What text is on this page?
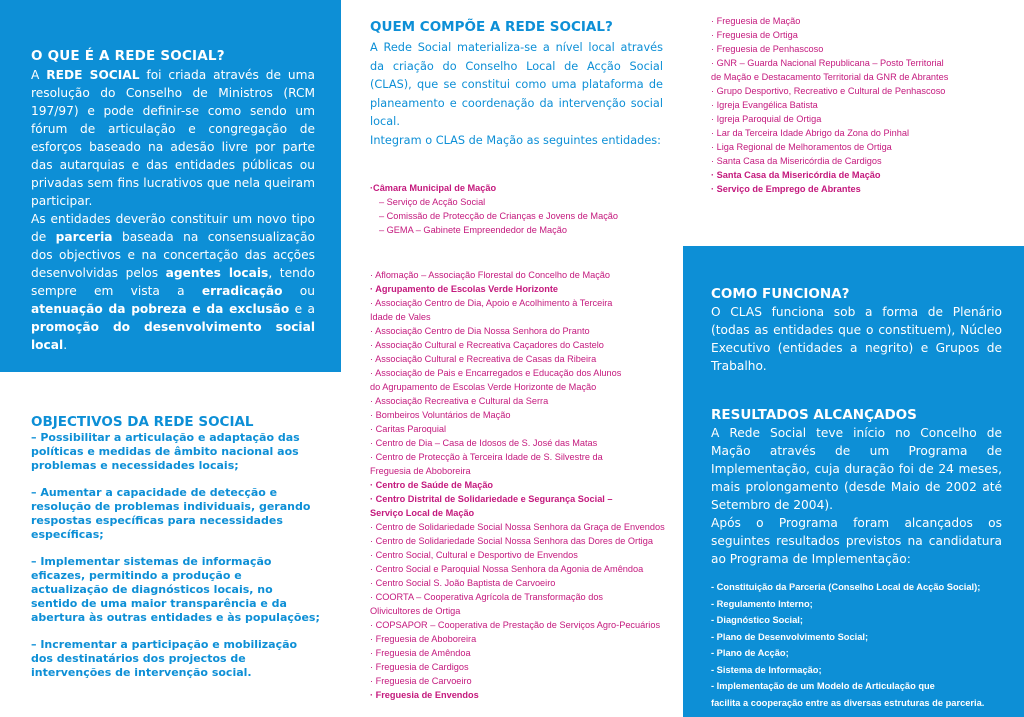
O QUE É A REDE SOCIAL?

A REDE SOCIAL foi criada através de uma resolução do Conselho de Ministros (RCM 197/97) e pode definir-se como sendo um fórum de articulação e congregação de esforços baseado na adesão livre por parte das autarquias e das entidades públicas ou privadas sem fins lucrativos que nela queiram participar.

As entidades deverão constituir um novo tipo de parceria baseada na consensualização dos objectivos e na concertação das acções desenvolvidas pelos agentes locais, tendo sempre em vista a erradicação ou atenuação da pobreza e da exclusão e a promoção do desenvolvimento social local.

OBJECTIVOS DA REDE SOCIAL
– Possibilitar a articulação e adaptação das políticas e medidas de âmbito nacional aos problemas e necessidades locais;
– Aumentar a capacidade de detecção e resolução de problemas individuais, gerando respostas específicas para necessidades específicas;
– Implementar sistemas de informação eficazes, permitindo a produção e actualização de diagnósticos locais, no sentido de uma maior transparência e da abertura às outras entidades e às populações;
– Incrementar a participação e mobilização dos destinatários dos projectos de intervenções de intervenção social.
QUEM COMPÕE A REDE SOCIAL?

A Rede Social materializa-se a nível local através da criação do Conselho Local de Acção Social (CLAS), que se constitui como uma plataforma de planeamento e coordenação da intervenção social local.

Integram o CLAS de Mação as seguintes entidades:

·Câmara Municipal de Mação
– Serviço de Acção Social
– Comissão de Protecção de Crianças e Jovens de Mação
– GEMA – Gabinete Empreendedor de Mação
· Aflomação – Associação Florestal do Concelho de Mação
· Agrupamento de Escolas Verde Horizonte
· Associação Centro de Dia, Apoio e Acolhimento à Terceira
Idade de Vales
· Associação Centro de Dia Nossa Senhora do Pranto
· Associação Cultural e Recreativa Caçadores do Castelo
· Associação Cultural e Recreativa de Casas da Ribeira
· Associação de Pais e Encarregados e Educação dos Alunos
do Agrupamento de Escolas Verde Horizonte de Mação
· Associação Recreativa e Cultural da Serra
· Bombeiros Voluntários de Mação
· Caritas Paroquial
· Centro de Dia – Casa de Idosos de S. José das Matas
· Centro de Protecção à Terceira Idade de S. Silvestre da
Freguesia de Aboboreira
· Centro de Saúde de Mação
· Centro Distrital de Solidariedade e Segurança Social –
Serviço Local de Mação
· Centro de Solidariedade Social Nossa Senhora da Graça de Envendos
· Centro de Solidariedade Social Nossa Senhora das Dores de Ortiga
· Centro Social, Cultural e Desportivo de Envendos
· Centro Social e Paroquial Nossa Senhora da Agonia de Amêndoa
· Centro Social S. João Baptista de Carvoeiro
· COORTA – Cooperativa Agrícola de Transformação dos
Olivicultores de Ortiga
· COPSAPOR – Cooperativa de Prestação de Serviços Agro-Pecuários
· Freguesia de Aboboreira
· Freguesia de Amêndoa
· Freguesia de Cardigos
· Freguesia de Carvoeiro
· Freguesia de Envendos
· Freguesia de Mação
· Freguesia de Ortiga
· Freguesia de Penhascoso
· GNR – Guarda Nacional Republicana – Posto Territorial
de Mação e Destacamento Territorial da GNR de Abrantes
· Grupo Desportivo, Recreativo e Cultural de Penhascoso
· Igreja Evangélica Batista
· Igreja Paroquial de Ortiga
· Lar da Terceira Idade Abrigo da Zona do Pinhal
· Liga Regional de Melhoramentos de Ortiga
· Santa Casa da Misericórdia de Cardigos
· Santa Casa da Misericórdia de Mação
· Serviço de Emprego de Abrantes
COMO FUNCIONA?

O CLAS funciona sob a forma de Plenário (todas as entidades que o constituem), Núcleo Executivo (entidades a negrito) e Grupos de Trabalho.

RESULTADOS ALCANÇADOS

A Rede Social teve início no Concelho de Mação através de um Programa de Implementação, cuja duração foi de 24 meses, mais prolongamento (desde Maio de 2002 até Setembro de 2004).

Após o Programa foram alcançados os seguintes resultados previstos na candidatura ao Programa de Implementação:

- Constituição da Parceria (Conselho Local de Acção Social);
- Regulamento Interno;
- Diagnóstico Social;
- Plano de Desenvolvimento Social;
- Plano de Acção;
- Sistema de Informação;
- Implementação de um Modelo de Articulação que
facilita a cooperação entre as diversas estruturas de parceria.
